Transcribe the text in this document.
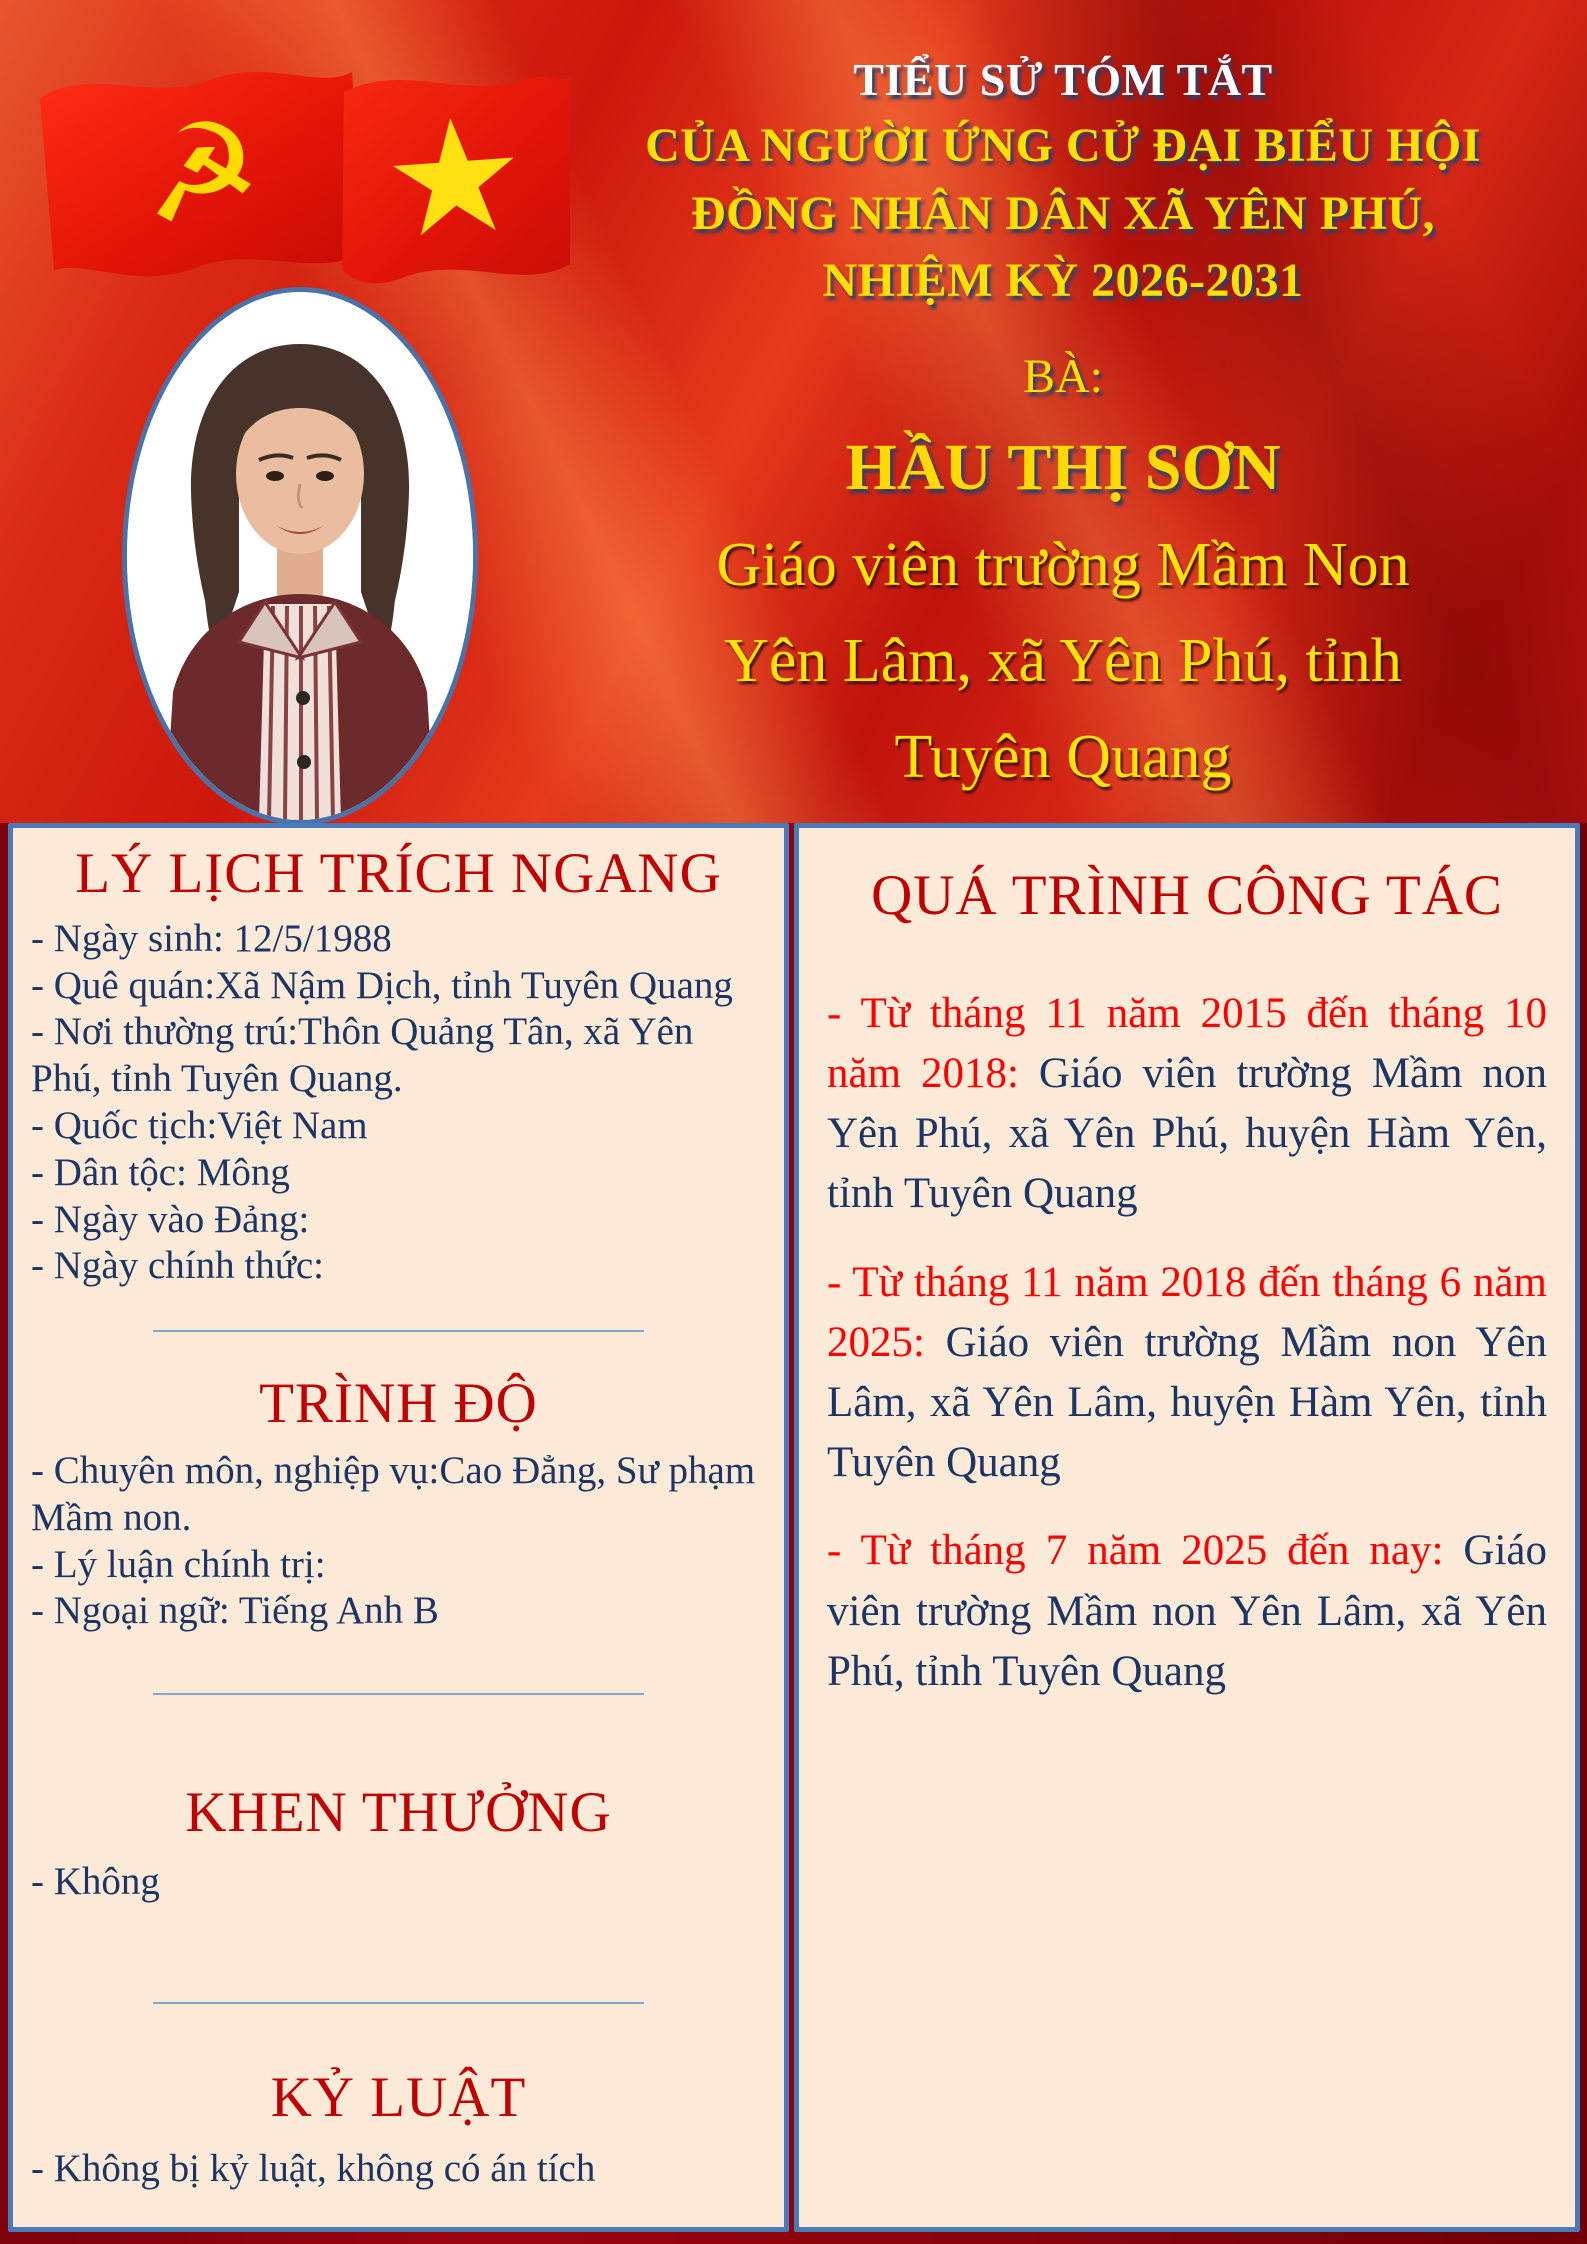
☭ ★
TIỂU SỬ TÓM TẮT
CỦA NGƯỜI ỨNG CỬ ĐẠI BIỂU HỘI
ĐỒNG NHÂN DÂN XÃ YÊN PHÚ,
NHIỆM KỲ 2026-2031
BÀ:
HẦU THỊ SƠN
Giáo viên trường Mầm Non
Yên Lâm, xã Yên Phú, tỉnh
Tuyên Quang
LÝ LỊCH TRÍCH NGANG
- Ngày sinh: 12/5/1988
- Quê quán:Xã Nậm Dịch, tỉnh Tuyên Quang
- Nơi thường trú:Thôn Quảng Tân, xã Yên Phú, tỉnh Tuyên Quang.
- Quốc tịch:Việt Nam
- Dân tộc: Mông
- Ngày vào Đảng:
- Ngày chính thức:
TRÌNH ĐỘ
- Chuyên môn, nghiệp vụ:Cao Đẳng, Sư phạm Mầm non.
- Lý luận chính trị:
- Ngoại ngữ: Tiếng Anh B
KHEN THƯỞNG
- Không
KỶ LUẬT
- Không bị kỷ luật, không có án tích
QUÁ TRÌNH CÔNG TÁC
- Từ tháng 11 năm 2015 đến tháng 10 năm 2018: Giáo viên trường Mầm non Yên Phú, xã Yên Phú, huyện Hàm Yên, tỉnh Tuyên Quang
- Từ tháng 11 năm 2018 đến tháng 6 năm 2025: Giáo viên trường Mầm non Yên Lâm, xã Yên Lâm, huyện Hàm Yên, tỉnh Tuyên Quang
- Từ tháng 7 năm 2025 đến nay: Giáo viên trường Mầm non Yên Lâm, xã Yên Phú, tỉnh Tuyên Quang
